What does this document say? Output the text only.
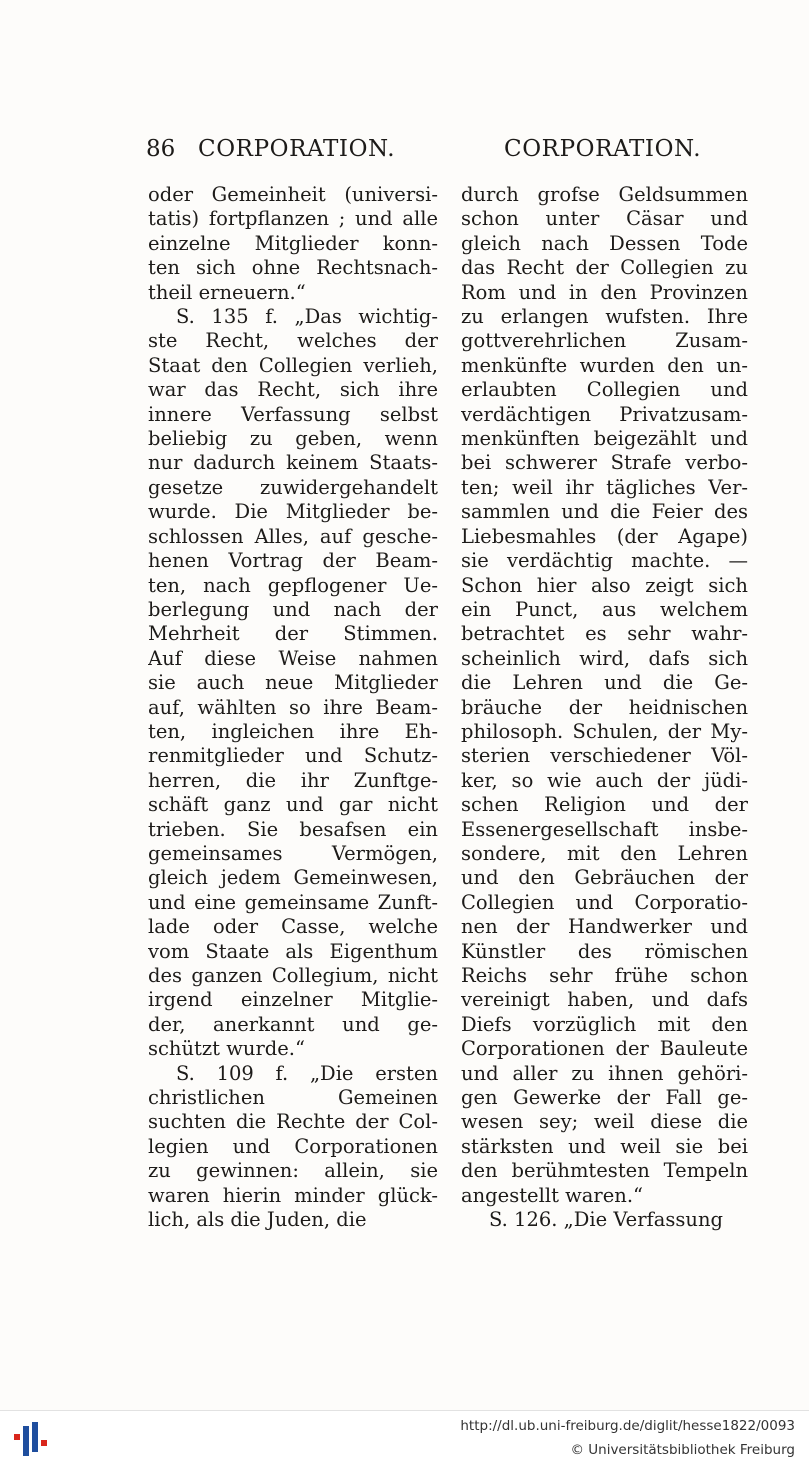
86 CORPORATION.	CORPORATION.
oder Gemeinheit (universi-
tatis) fortpflanzen ; und alle
einzelne Mitglieder konn-
ten sich ohne Rechtsnach-
theil erneuern.“
S. 135 f. „Das wichtig-
ste Recht, welches der
Staat den Collegien verlieh,
war das Recht, sich ihre
innere Verfassung selbst
beliebig zu geben, wenn
nur dadurch keinem Staats-
gesetze zuwidergehandelt
wurde. Die Mitglieder be-
schlossen Alles, auf gesche-
henen Vortrag der Beam-
ten, nach gepflogener Ue-
berlegung und nach der
Mehrheit der Stimmen.
Auf diese Weise nahmen
sie auch neue Mitglieder
auf, wählten so ihre Beam-
ten, ingleichen ihre Eh-
renmitglieder und Schutz-
herren, die ihr Zunftge-
schäft ganz und gar nicht
trieben. Sie besafsen ein
gemeinsames Vermögen,
gleich jedem Gemeinwesen,
und eine gemeinsame Zunft-
lade oder Casse, welche
vom Staate als Eigenthum
des ganzen Collegium, nicht
irgend einzelner Mitglie-
der, anerkannt und ge-
schützt wurde.“
S. 109 f. „Die ersten
christlichen Gemeinen
suchten die Rechte der Col-
legien und Corporationen
zu gewinnen: allein, sie
waren hierin minder glück-
lich, als die Juden, die
durch grofse Geldsummen
schon unter Cäsar und
gleich nach Dessen Tode
das Recht der Collegien zu
Rom und in den Provinzen
zu erlangen wufsten. Ihre
gottverehrlichen Zusam-
menkünfte wurden den un-
erlaubten Collegien und
verdächtigen Privatzusam-
menkünften beigezählt und
bei schwerer Strafe verbo-
ten; weil ihr tägliches Ver-
sammlen und die Feier des
Liebesmahles (der Agape)
sie verdächtig machte. —
Schon hier also zeigt sich
ein Punct, aus welchem
betrachtet es sehr wahr-
scheinlich wird, dafs sich
die Lehren und die Ge-
bräuche der heidnischen
philosoph. Schulen, der My-
sterien verschiedener Völ-
ker, so wie auch der jüdi-
schen Religion und der
Essenergesellschaft insbe-
sondere, mit den Lehren
und den Gebräuchen der
Collegien und Corporatio-
nen der Handwerker und
Künstler des römischen
Reichs sehr frühe schon
vereinigt haben, und dafs
Diefs vorzüglich mit den
Corporationen der Bauleute
und aller zu ihnen gehöri-
gen Gewerke der Fall ge-
wesen sey; weil diese die
stärksten und weil sie bei
den berühmtesten Tempeln
angestellt waren.“
S. 126. „Die Verfassung
http://dl.ub.uni-freiburg.de/diglit/hesse1822/0093
© Universitätsbibliothek Freiburg
